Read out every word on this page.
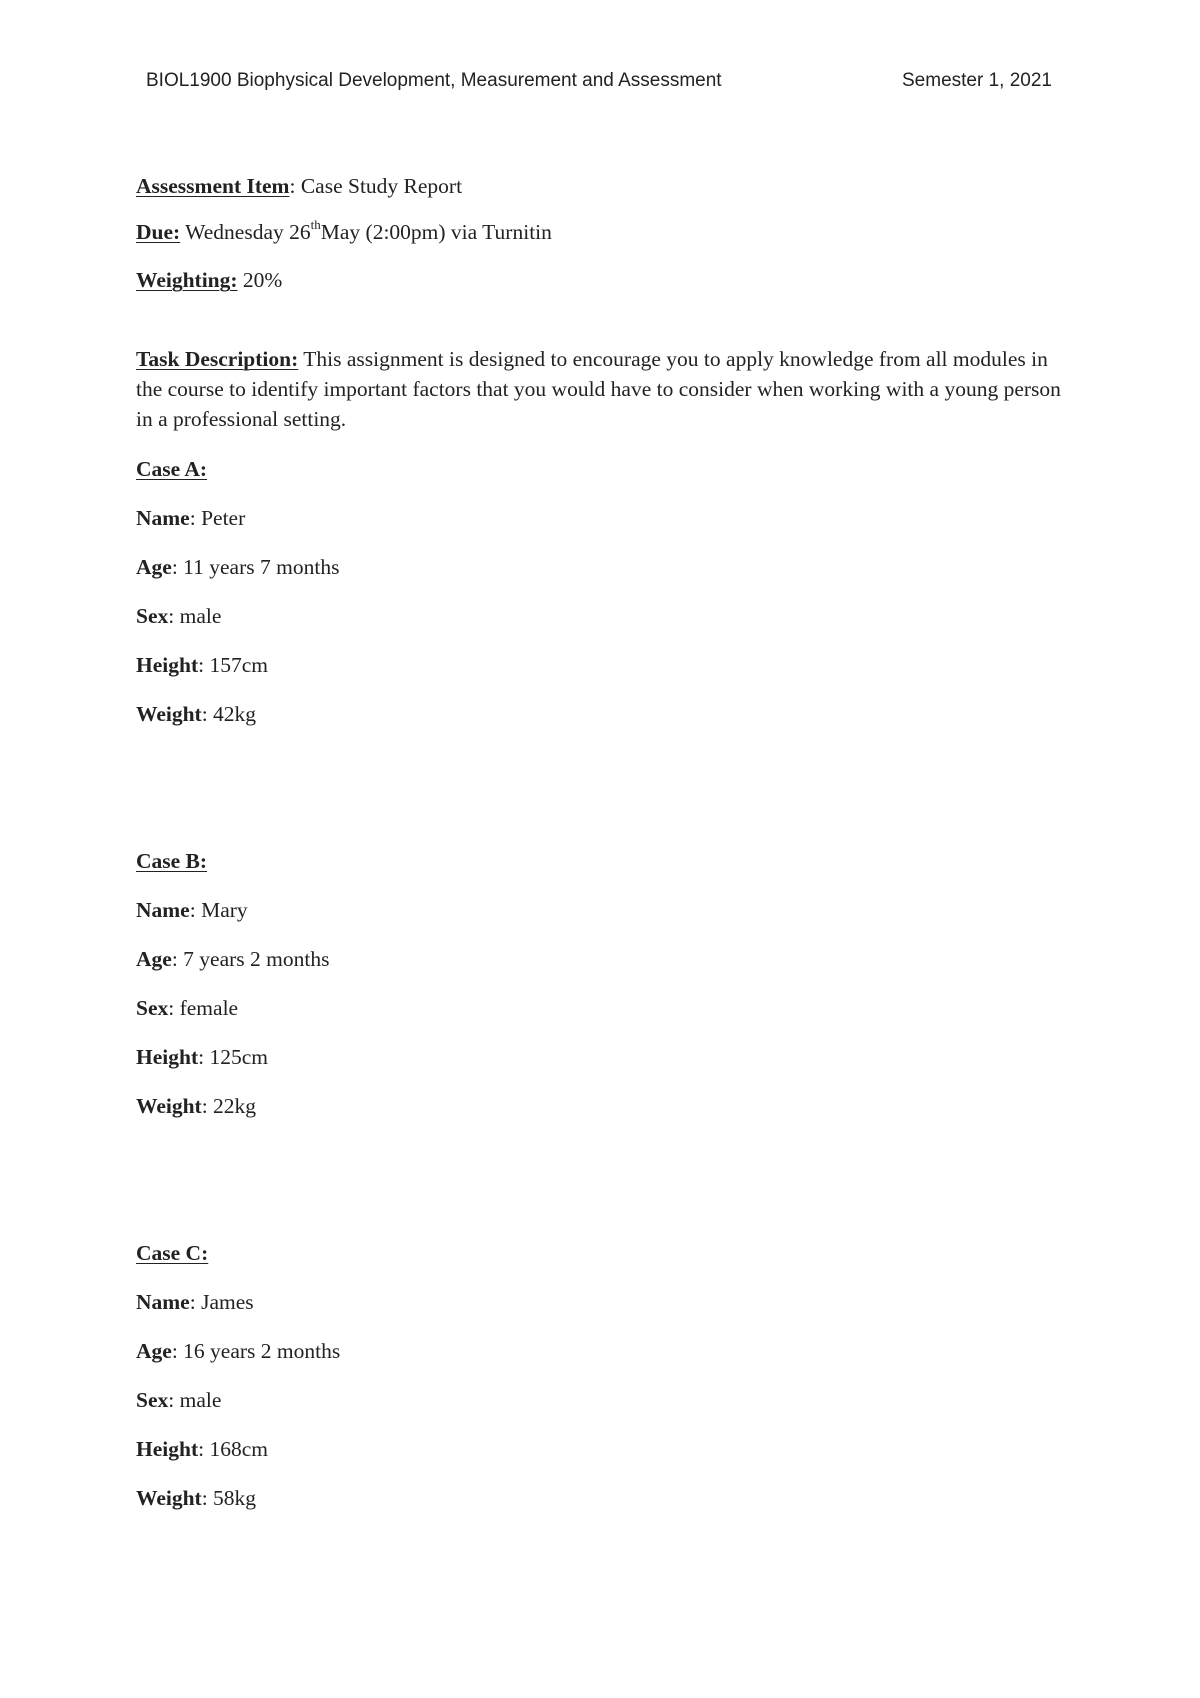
BIOL1900 Biophysical Development, Measurement and Assessment	Semester 1, 2021
Assessment Item: Case Study Report
Due: Wednesday 26thMay (2:00pm) via Turnitin
Weighting: 20%
Task Description: This assignment is designed to encourage you to apply knowledge from all modules in the course to identify important factors that you would have to consider when working with a young person in a professional setting.
Case A:
Name: Peter
Age: 11 years 7 months
Sex: male
Height: 157cm
Weight: 42kg
Case B:
Name: Mary
Age: 7 years 2 months
Sex: female
Height: 125cm
Weight: 22kg
Case C:
Name: James
Age: 16 years 2 months
Sex: male
Height: 168cm
Weight: 58kg
